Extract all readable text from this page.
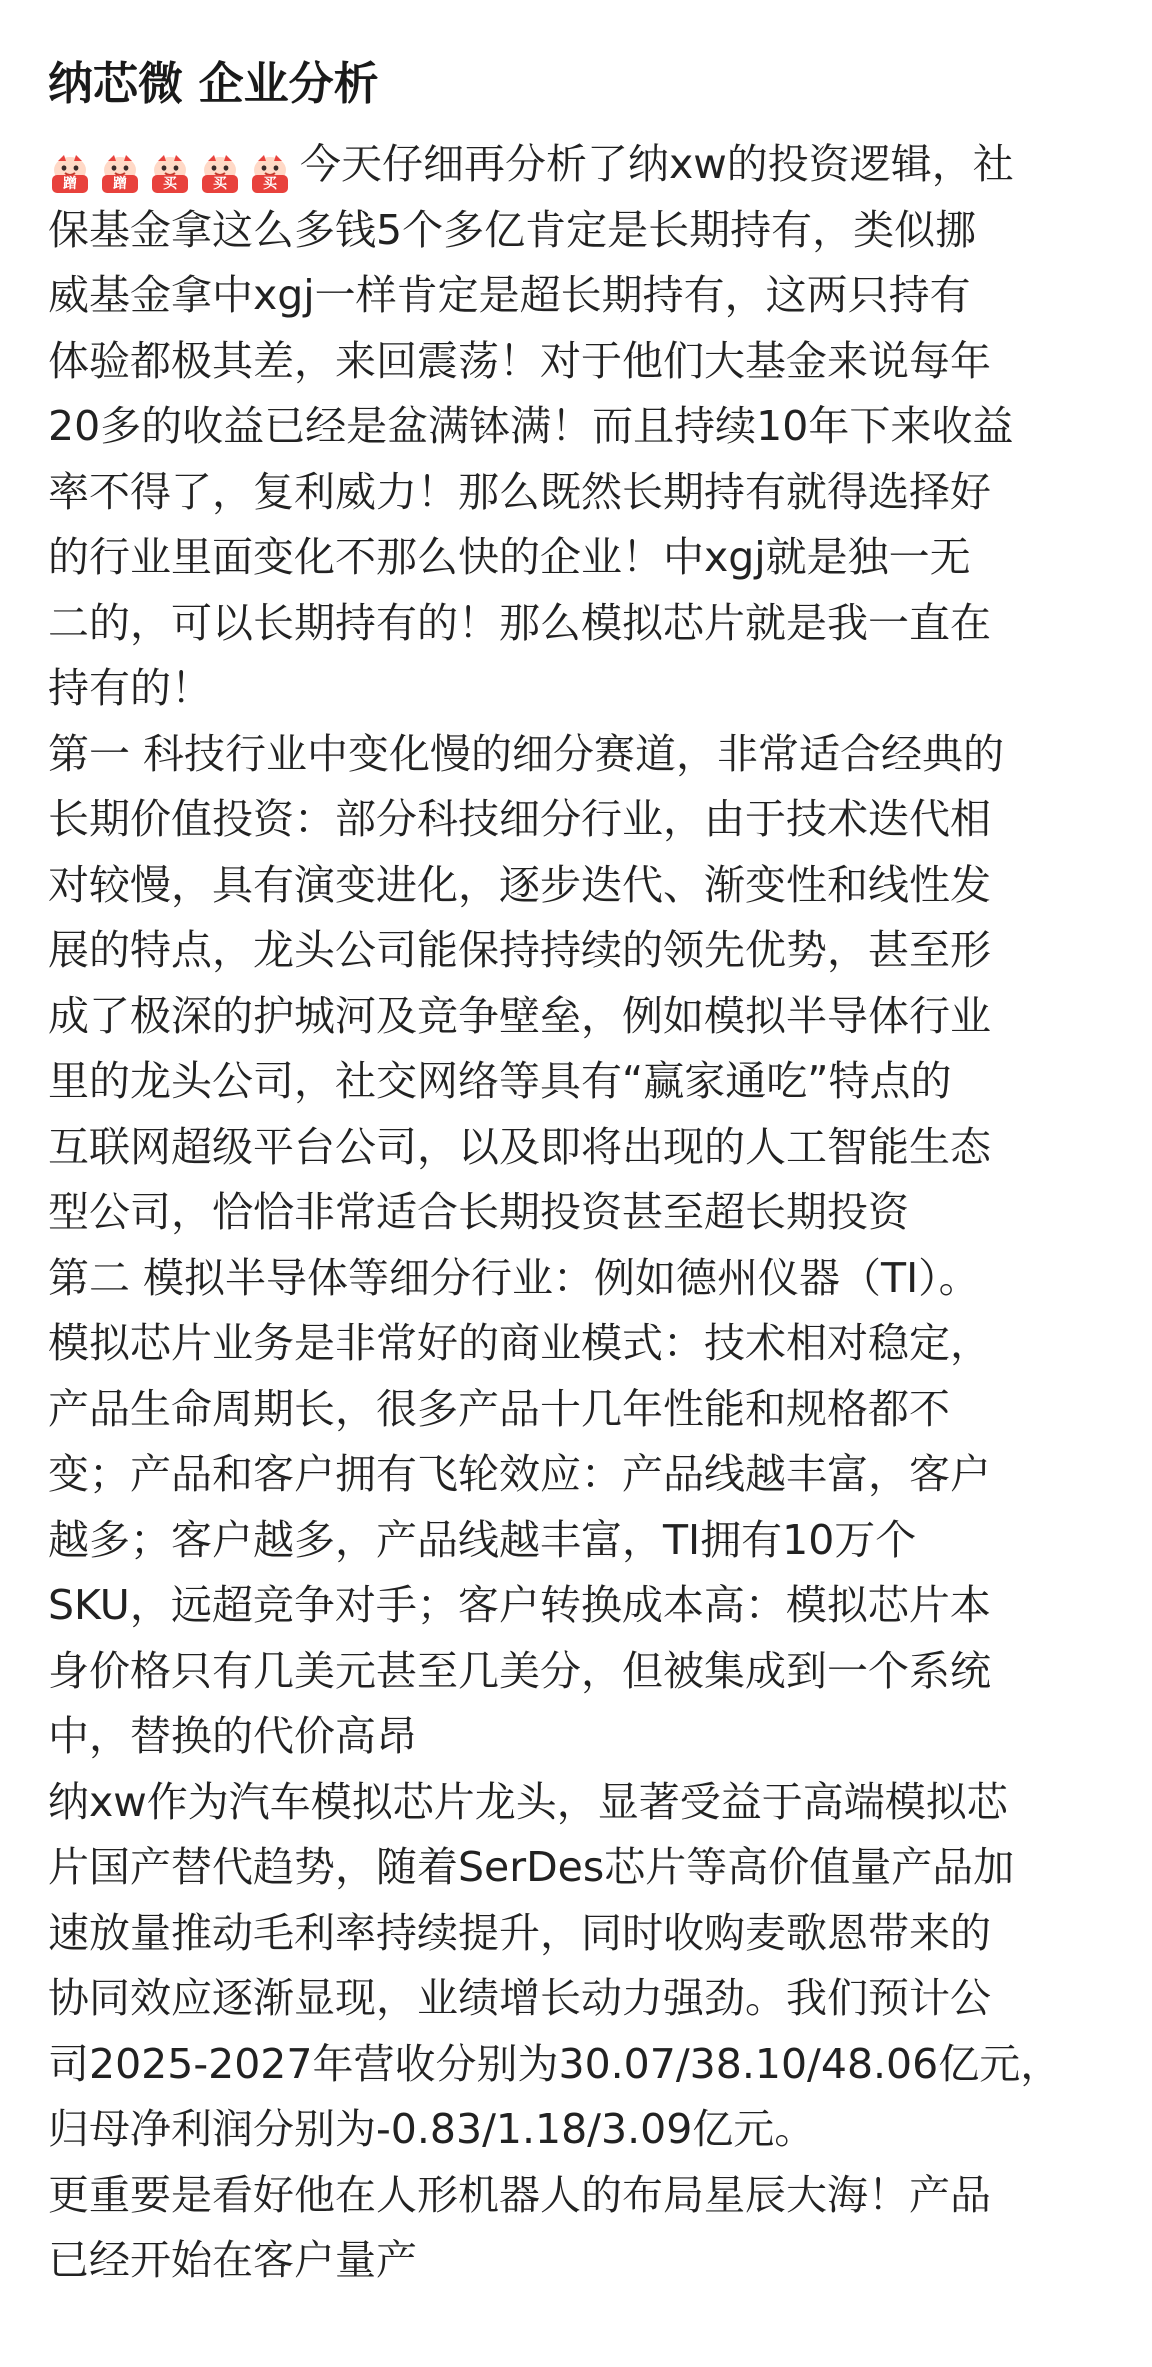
纳芯微 企业分析

蹭	蹭	买	买	买 今天仔细再分析了纳xw的投资逻辑，社
保基金拿这么多钱5个多亿肯定是长期持有，类似挪
威基金拿中xgj一样肯定是超长期持有，这两只持有
体验都极其差，来回震荡！对于他们大基金来说每年
20多的收益已经是盆满钵满！而且持续10年下来收益
率不得了，复利威力！那么既然长期持有就得选择好
的行业里面变化不那么快的企业！中xgj就是独一无
二的，可以长期持有的！那么模拟芯片就是我一直在
持有的！

第一 科技行业中变化慢的细分赛道，非常适合经典的
长期价值投资：部分科技细分行业，由于技术迭代相
对较慢，具有演变进化，逐步迭代、渐变性和线性发
展的特点，龙头公司能保持持续的领先优势，甚至形
成了极深的护城河及竞争壁垒，例如模拟半导体行业
里的龙头公司，社交网络等具有“赢家通吃”特点的
互联网超级平台公司，以及即将出现的人工智能生态
型公司，恰恰非常适合长期投资甚至超长期投资

第二 模拟半导体等细分行业：例如德州仪器（TI）。
模拟芯片业务是非常好的商业模式：技术相对稳定，
产品生命周期长，很多产品十几年性能和规格都不
变；产品和客户拥有飞轮效应：产品线越丰富，客户
越多；客户越多，产品线越丰富，TI拥有10万个
SKU，远超竞争对手；客户转换成本高：模拟芯片本
身价格只有几美元甚至几美分，但被集成到一个系统
中，替换的代价高昂

纳xw作为汽车模拟芯片龙头，显著受益于高端模拟芯
片国产替代趋势，随着SerDes芯片等高价值量产品加
速放量推动毛利率持续提升，同时收购麦歌恩带来的
协同效应逐渐显现，业绩增长动力强劲。我们预计公
司2025-2027年营收分别为30.07/38.10/48.06亿元，
归母净利润分别为-0.83/1.18/3.09亿元。

更重要是看好他在人形机器人的布局星辰大海！产品
已经开始在客户量产
